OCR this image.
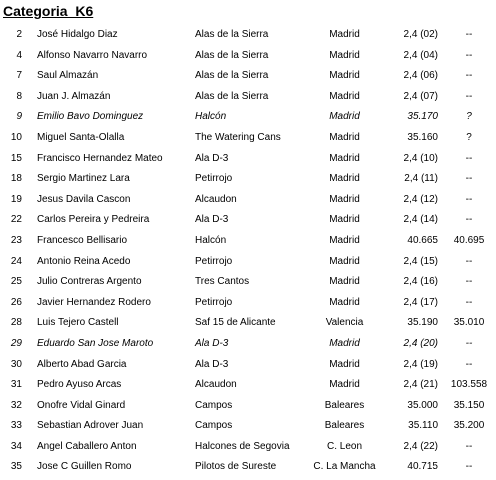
Categoria  K6
2 José Hidalgo Diaz	Alas de la Sierra	Madrid	2,4 (02)	--
4 Alfonso Navarro Navarro	Alas de la Sierra	Madrid	2,4 (04)	--
7 Saul Almazán	Alas de la Sierra	Madrid	2,4 (06)	--
8 Juan J. Almazán	Alas de la Sierra	Madrid	2,4 (07)	--
9 Emilio Bavo Dominguez	Halcón	Madrid	35.170	?
10 Miguel Santa-Olalla	The Watering Cans	Madrid	35.160	?
15 Francisco Hernandez Mateo	Ala D-3	Madrid	2,4 (10)	--
18 Sergio Martinez Lara	Petirrojo	Madrid	2,4 (11)	--
19 Jesus Davila Cascon	Alcaudon	Madrid	2,4 (12)	--
22 Carlos Pereira y Pedreira	Ala D-3	Madrid	2,4 (14)	--
23 Francesco Bellisario	Halcón	Madrid	40.665	40.695
24 Antonio Reina Acedo	Petirrojo	Madrid	2,4 (15)	--
25 Julio Contreras Argento	Tres Cantos	Madrid	2,4 (16)	--
26 Javier Hernandez Rodero	Petirrojo	Madrid	2,4 (17)	--
28 Luis Tejero Castell	Saf 15 de Alicante	Valencia	35.190	35.010
29 Eduardo San Jose Maroto	Ala D-3	Madrid	2,4 (20)	--
30 Alberto Abad Garcia	Ala D-3	Madrid	2,4 (19)	--
31 Pedro Ayuso Arcas	Alcaudon	Madrid	2,4 (21)	103.558
32 Onofre Vidal Ginard	Campos	Baleares	35.000	35.150
33 Sebastian Adrover Juan	Campos	Baleares	35.110	35.200
34 Angel Caballero Anton	Halcones de Segovia	C. Leon	2,4 (22)	--
35 Jose C Guillen Romo	Pilotos de Sureste	C. La Mancha	40.715	--
